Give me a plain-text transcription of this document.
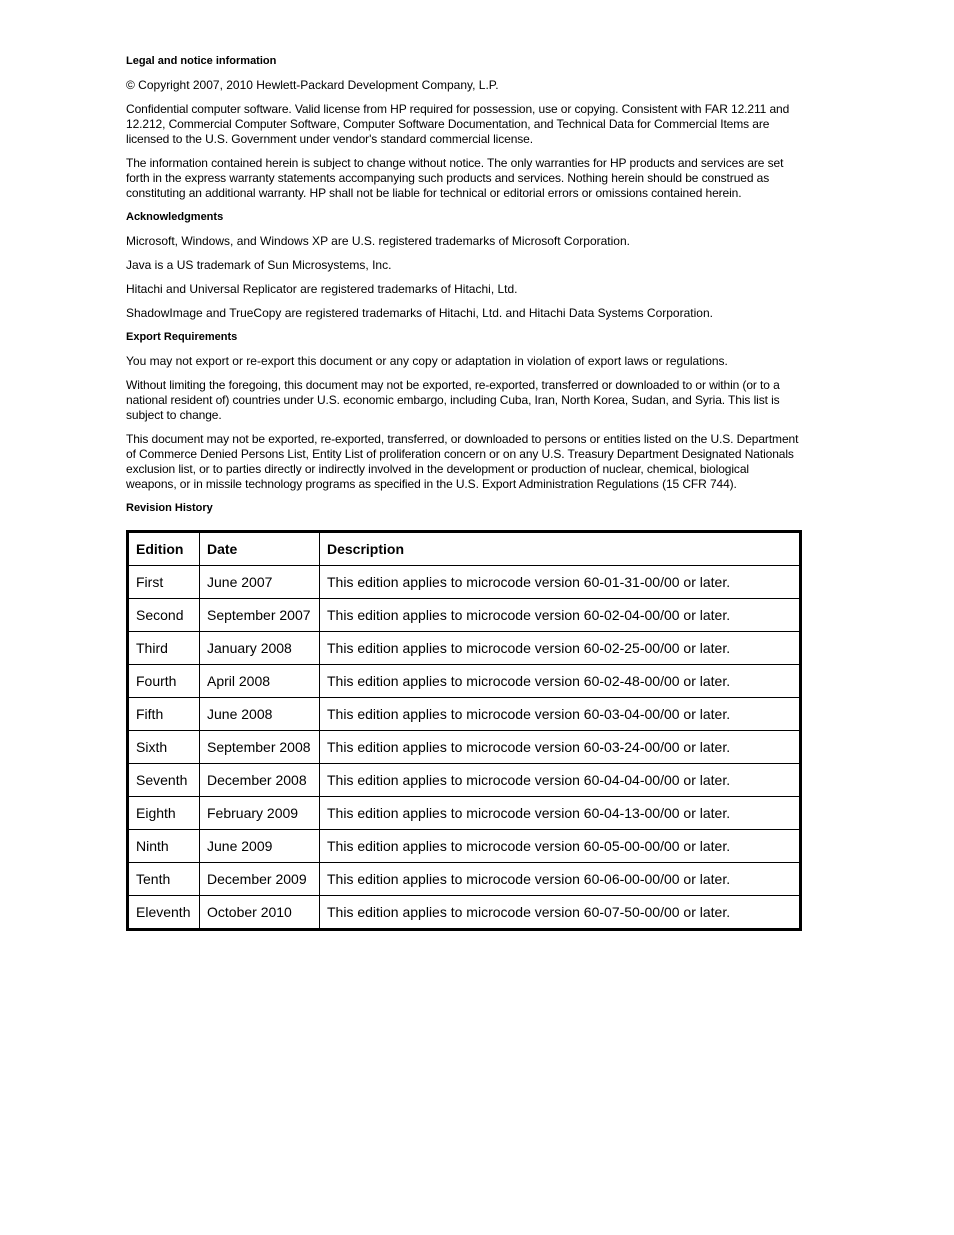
Legal and notice information
© Copyright 2007, 2010 Hewlett-Packard Development Company, L.P.
Confidential computer software. Valid license from HP required for possession, use or copying. Consistent with FAR 12.211 and 12.212, Commercial Computer Software, Computer Software Documentation, and Technical Data for Commercial Items are licensed to the U.S. Government under vendor's standard commercial license.
The information contained herein is subject to change without notice. The only warranties for HP products and services are set forth in the express warranty statements accompanying such products and services. Nothing herein should be construed as constituting an additional warranty. HP shall not be liable for technical or editorial errors or omissions contained herein.
Acknowledgments
Microsoft, Windows, and Windows XP are U.S. registered trademarks of Microsoft Corporation.
Java is a US trademark of Sun Microsystems, Inc.
Hitachi and Universal Replicator are registered trademarks of Hitachi, Ltd.
ShadowImage and TrueCopy are registered trademarks of Hitachi, Ltd. and Hitachi Data Systems Corporation.
Export Requirements
You may not export or re-export this document or any copy or adaptation in violation of export laws or regulations.
Without limiting the foregoing, this document may not be exported, re-exported, transferred or downloaded to or within (or to a national resident of) countries under U.S. economic embargo, including Cuba, Iran, North Korea, Sudan, and Syria. This list is subject to change.
This document may not be exported, re-exported, transferred, or downloaded to persons or entities listed on the U.S. Department of Commerce Denied Persons List, Entity List of proliferation concern or on any U.S. Treasury Department Designated Nationals exclusion list, or to parties directly or indirectly involved in the development or production of nuclear, chemical, biological weapons, or in missile technology programs as specified in the U.S. Export Administration Regulations (15 CFR 744).
Revision History
Edition	Date	Description
First	June 2007	This edition applies to microcode version 60-01-31-00/00 or later.
Second	September 2007	This edition applies to microcode version 60-02-04-00/00 or later.
Third	January 2008	This edition applies to microcode version 60-02-25-00/00 or later.
Fourth	April 2008	This edition applies to microcode version 60-02-48-00/00 or later.
Fifth	June 2008	This edition applies to microcode version 60-03-04-00/00 or later.
Sixth	September 2008	This edition applies to microcode version 60-03-24-00/00 or later.
Seventh	December 2008	This edition applies to microcode version 60-04-04-00/00 or later.
Eighth	February 2009	This edition applies to microcode version 60-04-13-00/00 or later.
Ninth	June 2009	This edition applies to microcode version 60-05-00-00/00 or later.
Tenth	December 2009	This edition applies to microcode version 60-06-00-00/00 or later.
Eleventh	October 2010	This edition applies to microcode version 60-07-50-00/00 or later.
